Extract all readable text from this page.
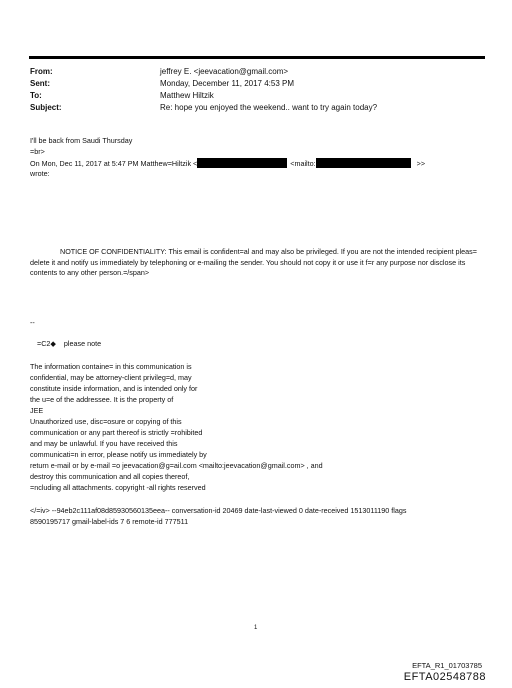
From:	jeffrey E. <jeevacation@gmail.com>
Sent:	Monday, December 11, 2017 4:53 PM
To:	Matthew Hiltzik
Subject:	Re: hope you enjoyed the weekend.. want to try again today?
I'll be back from Saudi Thursday
=br>
On Mon, Dec 11, 2017 at 5:47 PM Matthew=Hiltzik <	<mailto:	>>
wrote:
NOTICE OF CONFIDENTIALITY: This email is confident=al and may also be privileged. If you are not the intended recipient pleas= delete it and notify us immediately by telephoning or e-mailing the sender. You should not copy it or use it f=r any purpose nor disclose its contents to any other person.=/span>
--
=C2◆ please note
The information containe= in this communication is
confidential, may be attorney-client privileg=d, may
constitute inside information, and is intended only for
the u=e of the addressee. It is the property of
JEE
Unauthorized use, disc=osure or copying of this
communication or any part thereof is strictly =rohibited
and may be unlawful. If you have received this
communicati=n in error, please notify us immediately by
return e-mail or by e-mail =o jeevacation@g=ail.com <mailto:jeevacation@gmail.com> , and
destroy this communication and all copies thereof,
=ncluding all attachments. copyright -all rights reserved
</=iv> --94eb2c111af08d85930560135eea-- conversation-id 20469 date-last-viewed 0 date-received 1513011190 flags
8590195717 gmail-label-ids 7 6 remote-id 777511
1
EFTA_R1_01703785
EFTA02548788
